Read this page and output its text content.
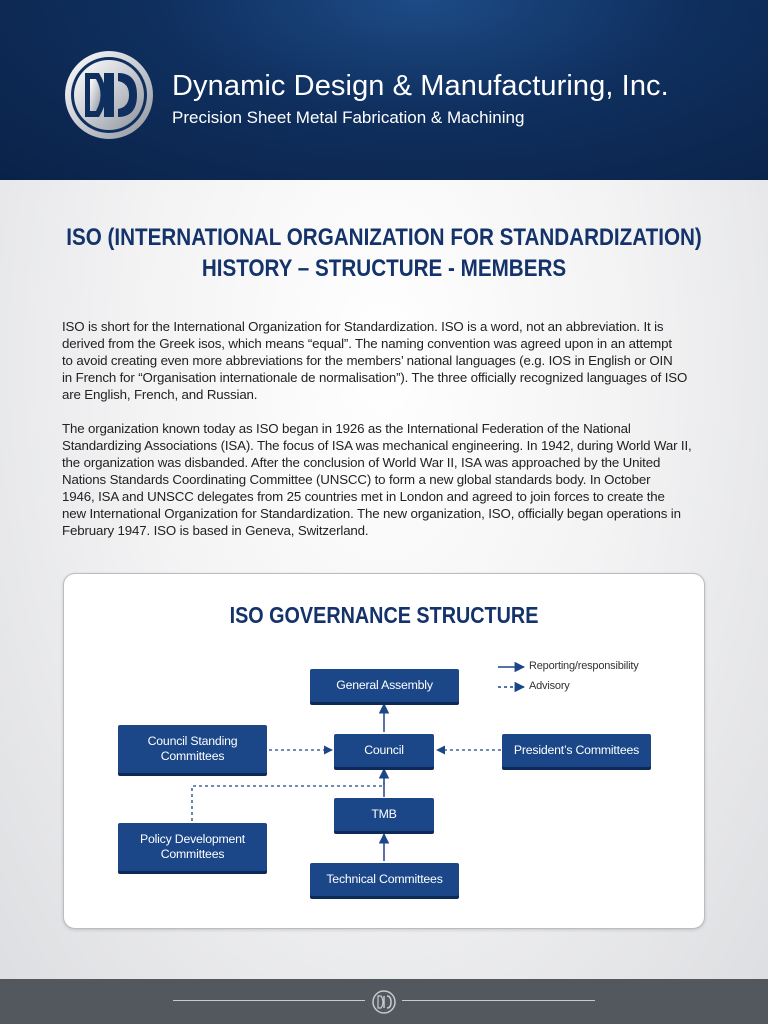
Dynamic Design & Manufacturing, Inc.
Precision Sheet Metal Fabrication & Machining
ISO (INTERNATIONAL ORGANIZATION FOR STANDARDIZATION)
HISTORY – STRUCTURE - MEMBERS
ISO is short for the International Organization for Standardization. ISO is a word, not an abbreviation. It is
derived from the Greek isos, which means “equal”. The naming convention was agreed upon in an attempt
to avoid creating even more abbreviations for the members’ national languages (e.g. IOS in English or OIN
in French for “Organisation internationale de normalisation”). The three officially recognized languages of ISO
are English, French, and Russian.
The organization known today as ISO began in 1926 as the International Federation of the National
Standardizing Associations (ISA). The focus of ISA was mechanical engineering. In 1942, during World War II,
the organization was disbanded. After the conclusion of World War II, ISA was approached by the United
Nations Standards Coordinating Committee (UNSCC) to form a new global standards body. In October
1946, ISA and UNSCC delegates from 25 countries met in London and agreed to join forces to create the
new International Organization for Standardization. The new organization, ISO, officially began operations in
February 1947. ISO is based in Geneva, Switzerland.
ISO GOVERNANCE STRUCTURE
Reporting/responsibility
Advisory
General Assembly
Council
Council Standing Committees	President’s Committees
Policy Development Committees
TMB
Technical Committees
